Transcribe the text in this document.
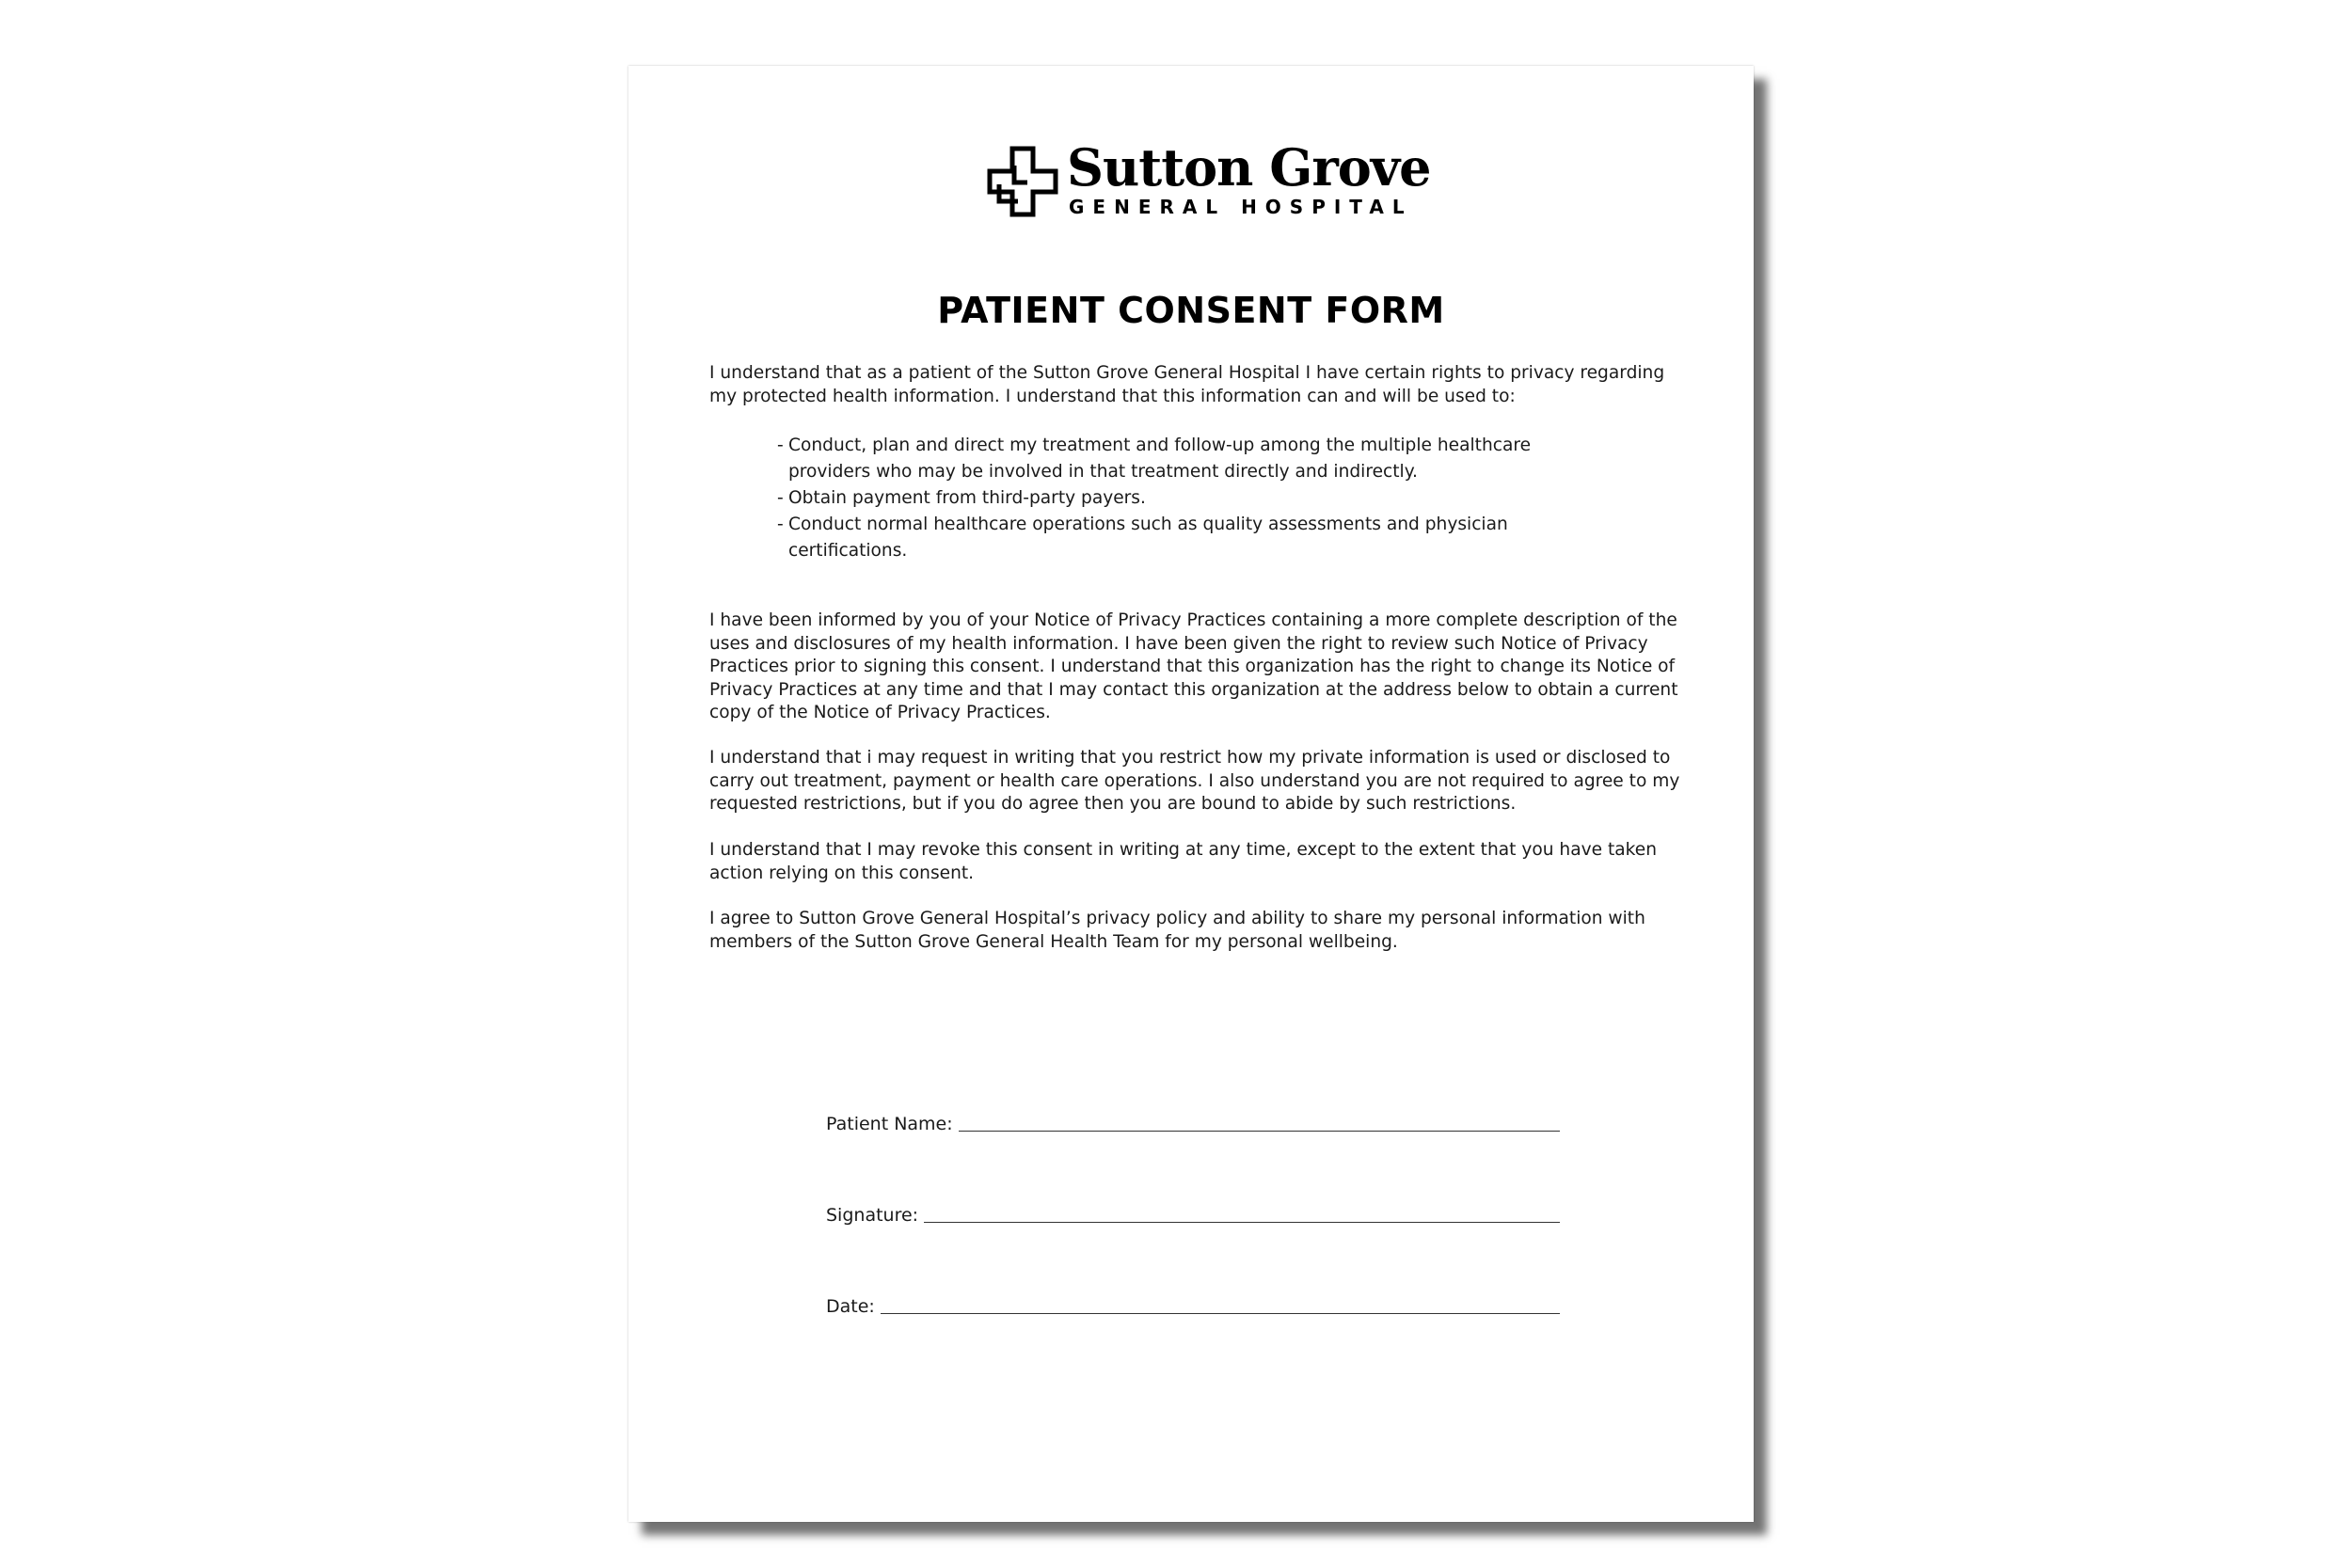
Sutton Grove
GENERAL HOSPITAL
PATIENT CONSENT FORM

I understand that as a patient of the Sutton Grove General Hospital I have certain rights to privacy regarding my protected health information. I understand that this information can and will be used to:

- Conduct, plan and direct my treatment and follow-up among the multiple healthcare providers who may be involved in that treatment directly and indirectly.
- Obtain payment from third-party payers.
- Conduct normal healthcare operations such as quality assessments and physician certifications.

I have been informed by you of your Notice of Privacy Practices containing a more complete description of the uses and disclosures of my health information. I have been given the right to review such Notice of Privacy Practices prior to signing this consent. I understand that this organization has the right to change its Notice of Privacy Practices at any time and that I may contact this organization at the address below to obtain a current copy of the Notice of Privacy Practices.

I understand that i may request in writing that you restrict how my private information is used or disclosed to carry out treatment, payment or health care operations. I also understand you are not required to agree to my requested restrictions, but if you do agree then you are bound to abide by such restrictions.

I understand that I may revoke this consent in writing at any time, except to the extent that you have taken action relying on this consent.

I agree to Sutton Grove General Hospital’s privacy policy and ability to share my personal information with members of the Sutton Grove General Health Team for my personal wellbeing.

Patient Name:
Signature:
Date:
